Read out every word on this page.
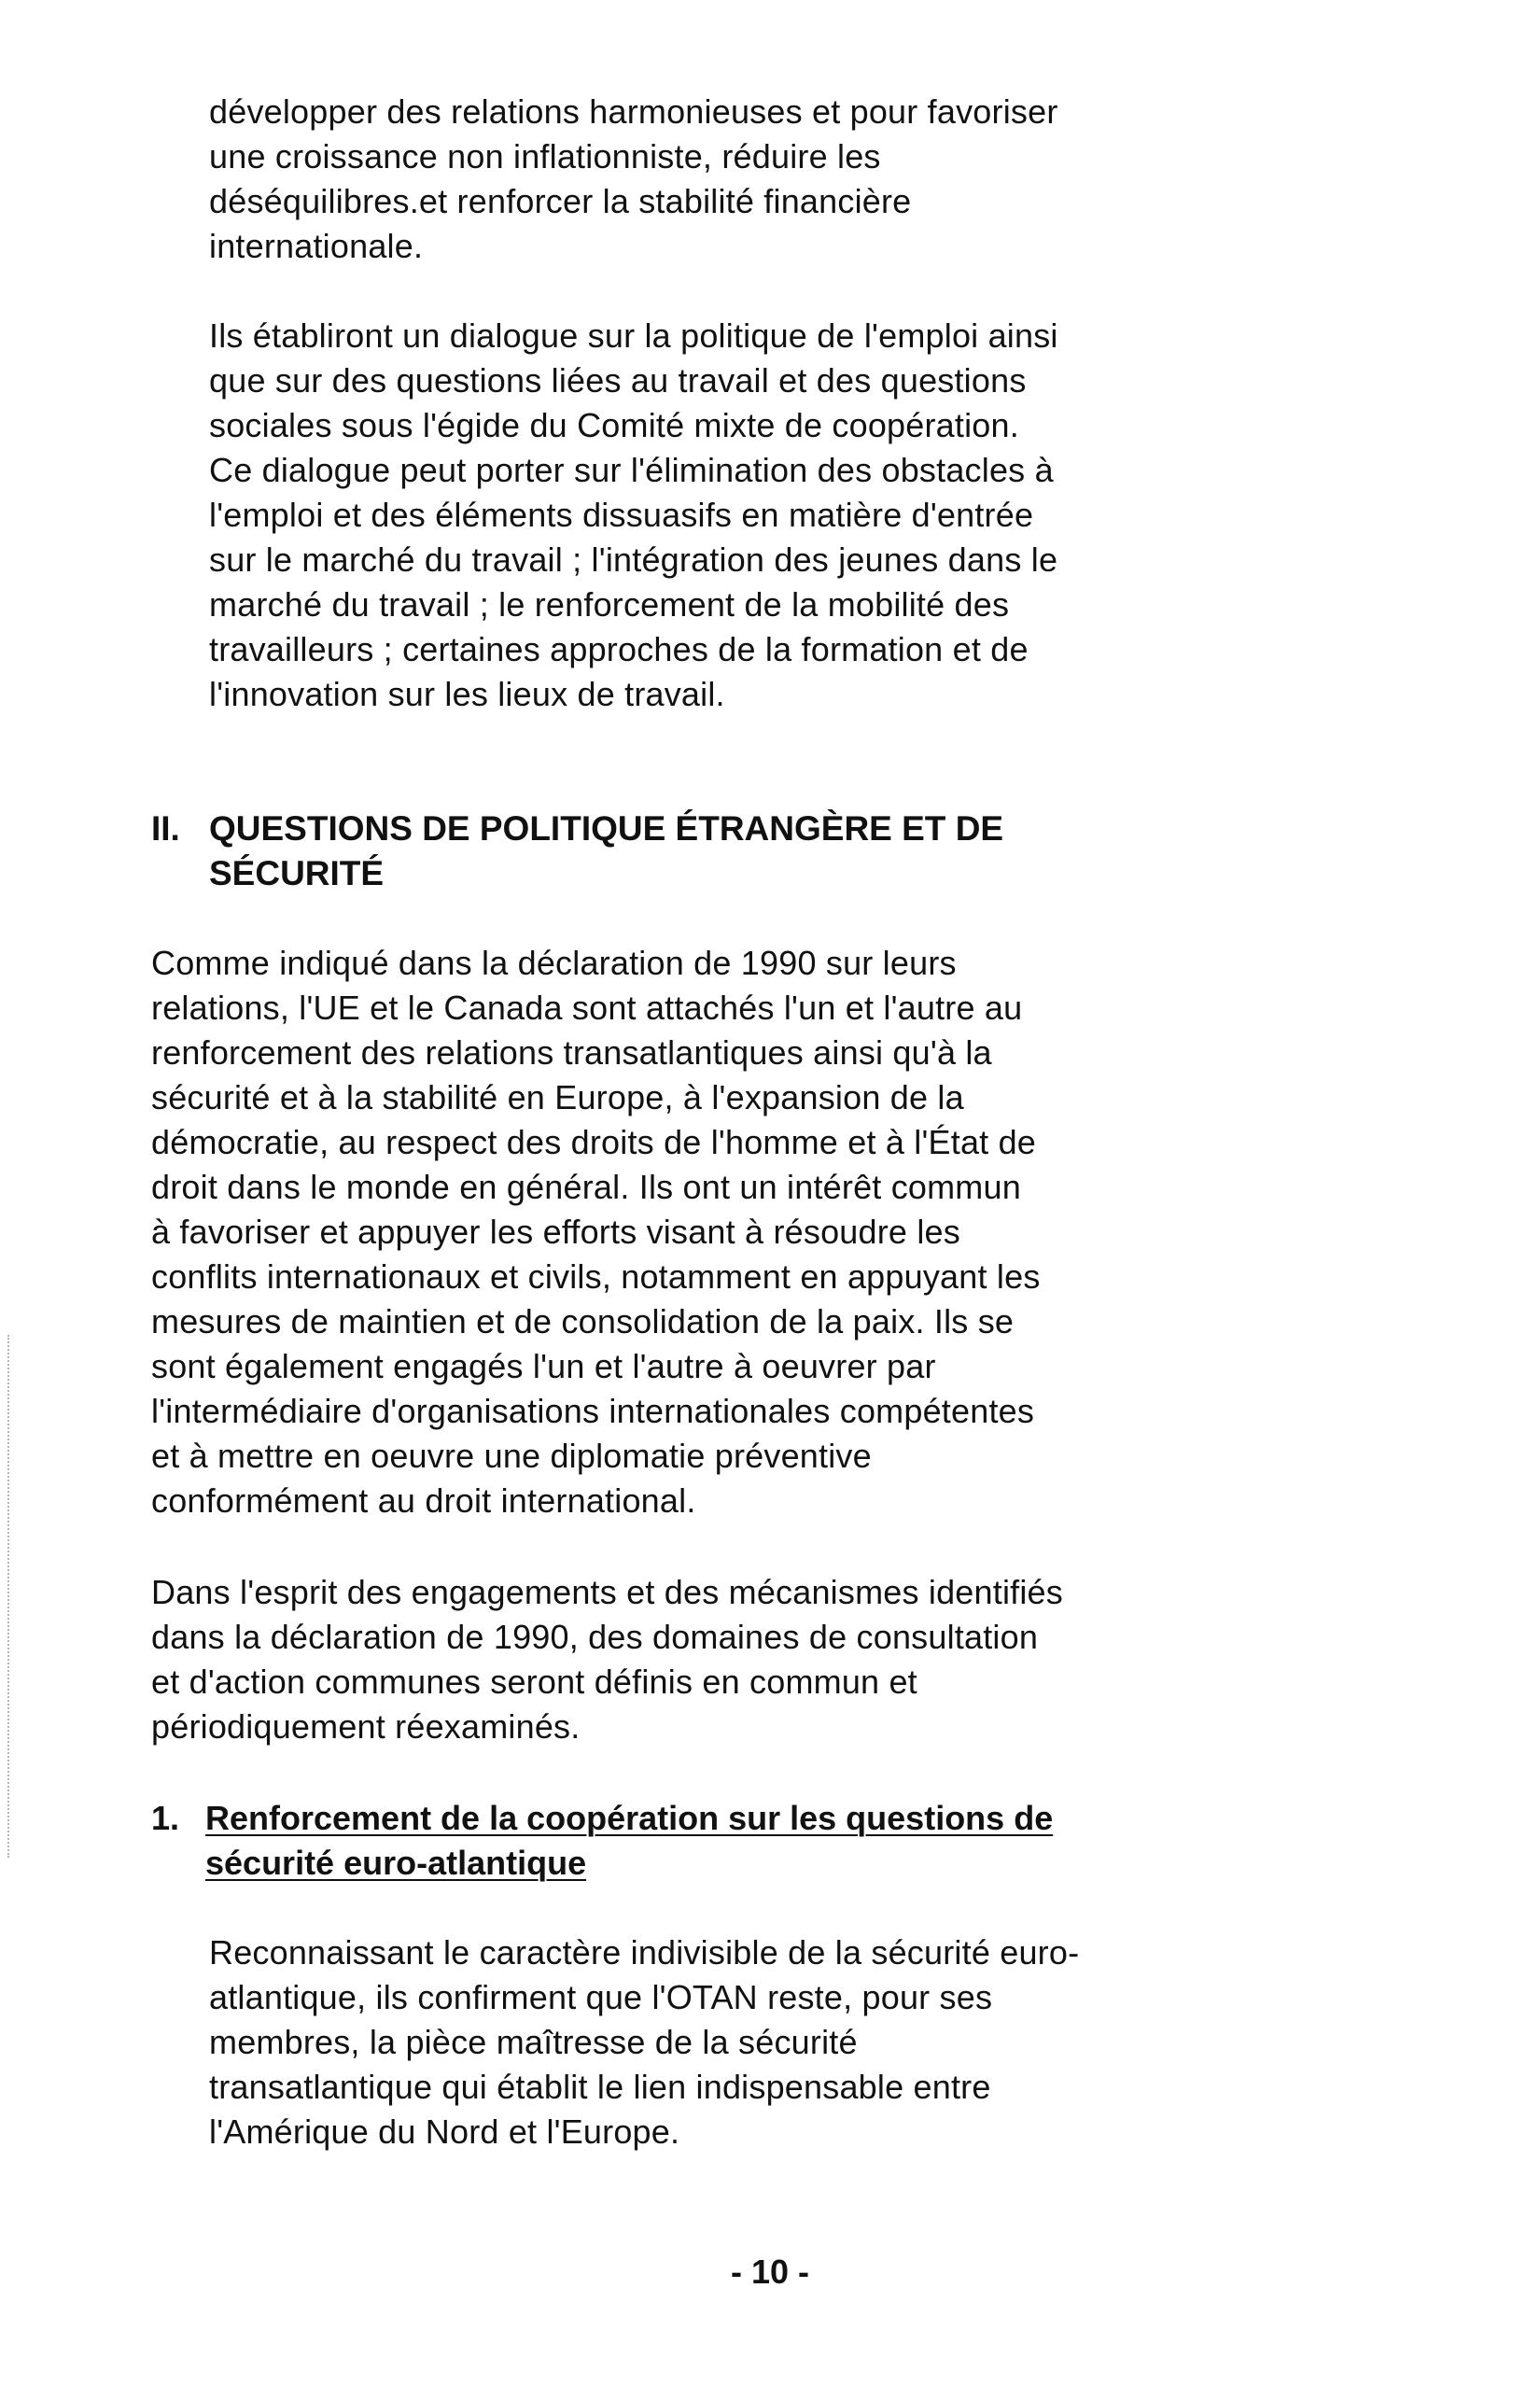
développer des relations harmonieuses et pour favoriser
une croissance non inflationniste, réduire les
déséquilibres.et renforcer la stabilité financière
internationale.

Ils établiront un dialogue sur la politique de l'emploi ainsi
que sur des questions liées au travail et des questions
sociales sous l'égide du Comité mixte de coopération.
Ce dialogue peut porter sur l'élimination des obstacles à
l'emploi et des éléments dissuasifs en matière d'entrée
sur le marché du travail ; l'intégration des jeunes dans le
marché du travail ; le renforcement de la mobilité des
travailleurs ; certaines approches de la formation et de
l'innovation sur les lieux de travail.

II. QUESTIONS DE POLITIQUE ÉTRANGÈRE ET DE
SÉCURITÉ

Comme indiqué dans la déclaration de 1990 sur leurs
relations, l'UE et le Canada sont attachés l'un et l'autre au
renforcement des relations transatlantiques ainsi qu'à la
sécurité et à la stabilité en Europe, à l'expansion de la
démocratie, au respect des droits de l'homme et à l'État de
droit dans le monde en général. Ils ont un intérêt commun
à favoriser et appuyer les efforts visant à résoudre les
conflits internationaux et civils, notamment en appuyant les
mesures de maintien et de consolidation de la paix. Ils se
sont également engagés l'un et l'autre à oeuvrer par
l'intermédiaire d'organisations internationales compétentes
et à mettre en oeuvre une diplomatie préventive
conformément au droit international.

Dans l'esprit des engagements et des mécanismes identifiés
dans la déclaration de 1990, des domaines de consultation
et d'action communes seront définis en commun et
périodiquement réexaminés.

1. Renforcement de la coopération sur les questions de
sécurité euro-atlantique

Reconnaissant le caractère indivisible de la sécurité euro-
atlantique, ils confirment que l'OTAN reste, pour ses
membres, la pièce maîtresse de la sécurité
transatlantique qui établit le lien indispensable entre
l'Amérique du Nord et l'Europe.

- 10 -
